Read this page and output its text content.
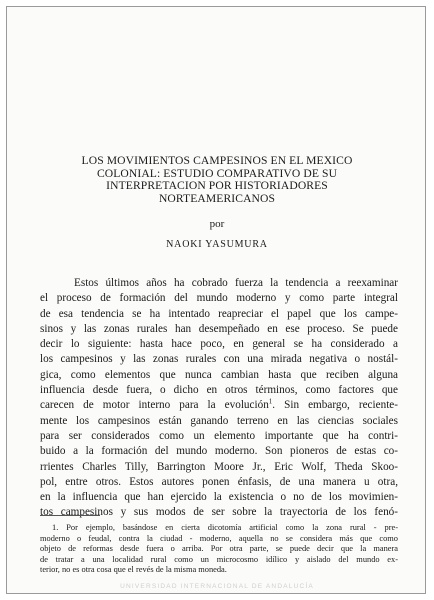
LOS MOVIMIENTOS CAMPESINOS EN EL MEXICO
COLONIAL: ESTUDIO COMPARATIVO DE SU
INTERPRETACION POR HISTORIADORES
NORTEAMERICANOS

por

NAOKI YASUMURA

Estos últimos años ha cobrado fuerza la tendencia a reexaminar
el proceso de formación del mundo moderno y como parte integral
de esa tendencia se ha intentado reapreciar el papel que los campe-
sinos y las zonas rurales han desempeñado en ese proceso. Se puede
decir lo siguiente: hasta hace poco, en general se ha considerado a
los campesinos y las zonas rurales con una mirada negativa o nostál-
gica, como elementos que nunca cambian hasta que reciben alguna
influencia desde fuera, o dicho en otros términos, como factores que
carecen de motor interno para la evolución$^1$. Sin embargo, reciente-
mente los campesinos están ganando terreno en las ciencias sociales
para ser considerados como un elemento importante que ha contri-
buido a la formación del mundo moderno. Son pioneros de estas co-
rrientes Charles Tilly, Barrington Moore Jr., Eric Wolf, Theda Skoo-
pol, entre otros. Estos autores ponen énfasis, de una manera u otra,
en la influencia que han ejercido la existencia o no de los movimien-
tos campesinos y sus modos de ser sobre la trayectoria de los fenó-
1. Por ejemplo, basándose en cierta dicotomía artificial como la zona rural - pre-
moderno o feudal, contra la ciudad - moderno, aquella no se considera más que como
objeto de reformas desde fuera o arriba. Por otra parte, se puede decir que la manera
de tratar a una localidad rural como un microcosmo idílico y aislado del mundo ex-
terior, no es otra cosa que el revés de la misma moneda.
UNIVERSIDAD INTERNACIONAL DE ANDALUCÍA
